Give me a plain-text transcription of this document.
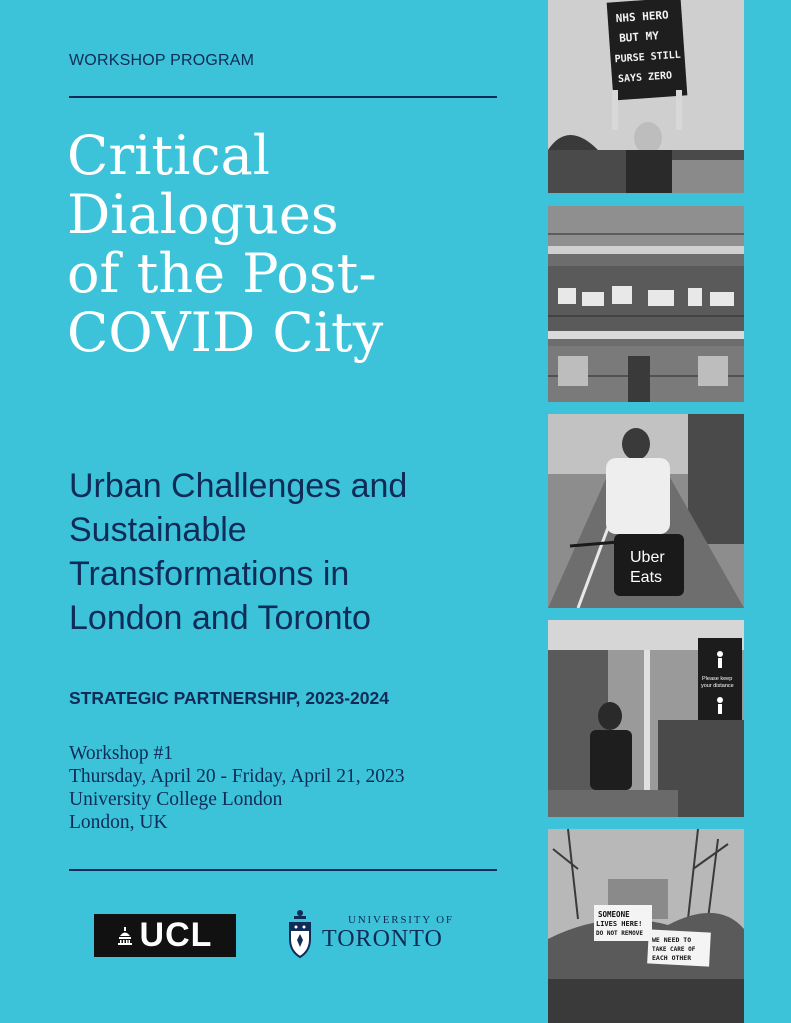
WORKSHOP PROGRAM
Critical
Dialogues
of the Post-
COVID City
Urban Challenges and
Sustainable
Transformations in
London and Toronto
STRATEGIC PARTNERSHIP, 2023-2024
Workshop #1
Thursday, April 20 - Friday, April 21, 2023
University College London
London, UK
UCL	UNIVERSITY OF
TORONTO
NHS HERO
BUT MY
PURSE STILL
SAYS ZERO
Uber
Eats
Please keep
your distance
SOMEONE
LIVES HERE!
DO NOT REMOVE
WE NEED TO
TAKE CARE OF
EACH OTHER
